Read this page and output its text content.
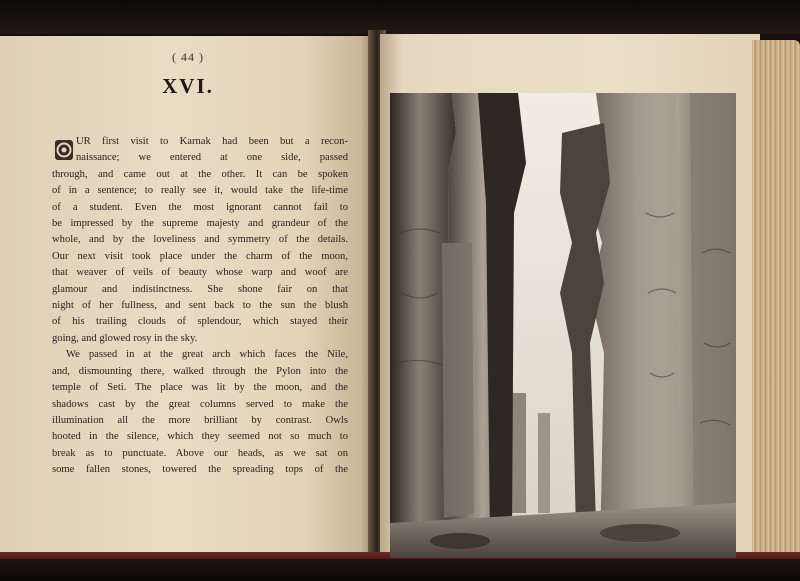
( 44 )
XVI.
UR first visit to Karnak had been but a recon-
naissance; we entered at one side, passed
through, and came out at the other. It can be spoken
of in a sentence; to really see it, would take the life-time
of a student. Even the most ignorant cannot fail to
be impressed by the supreme majesty and grandeur of the
whole, and by the loveliness and symmetry of the details.
Our next visit took place under the charm of the moon,
that weaver of veils of beauty whose warp and woof are
glamour and indistinctness. She shone fair on that
night of her fullness, and sent back to the sun the blush
of his trailing clouds of splendour, which stayed their
going, and glowed rosy in the sky.
We passed in at the great arch which faces the Nile,
and, dismounting there, walked through the Pylon into the
temple of Seti. The place was lit by the moon, and the
shadows cast by the great columns served to make the
illumination all the more brilliant by contrast. Owls
hooted in the silence, which they seemed not so much to
break as to punctuate. Above our heads, as we sat on
some fallen stones, towered the spreading tops of the
